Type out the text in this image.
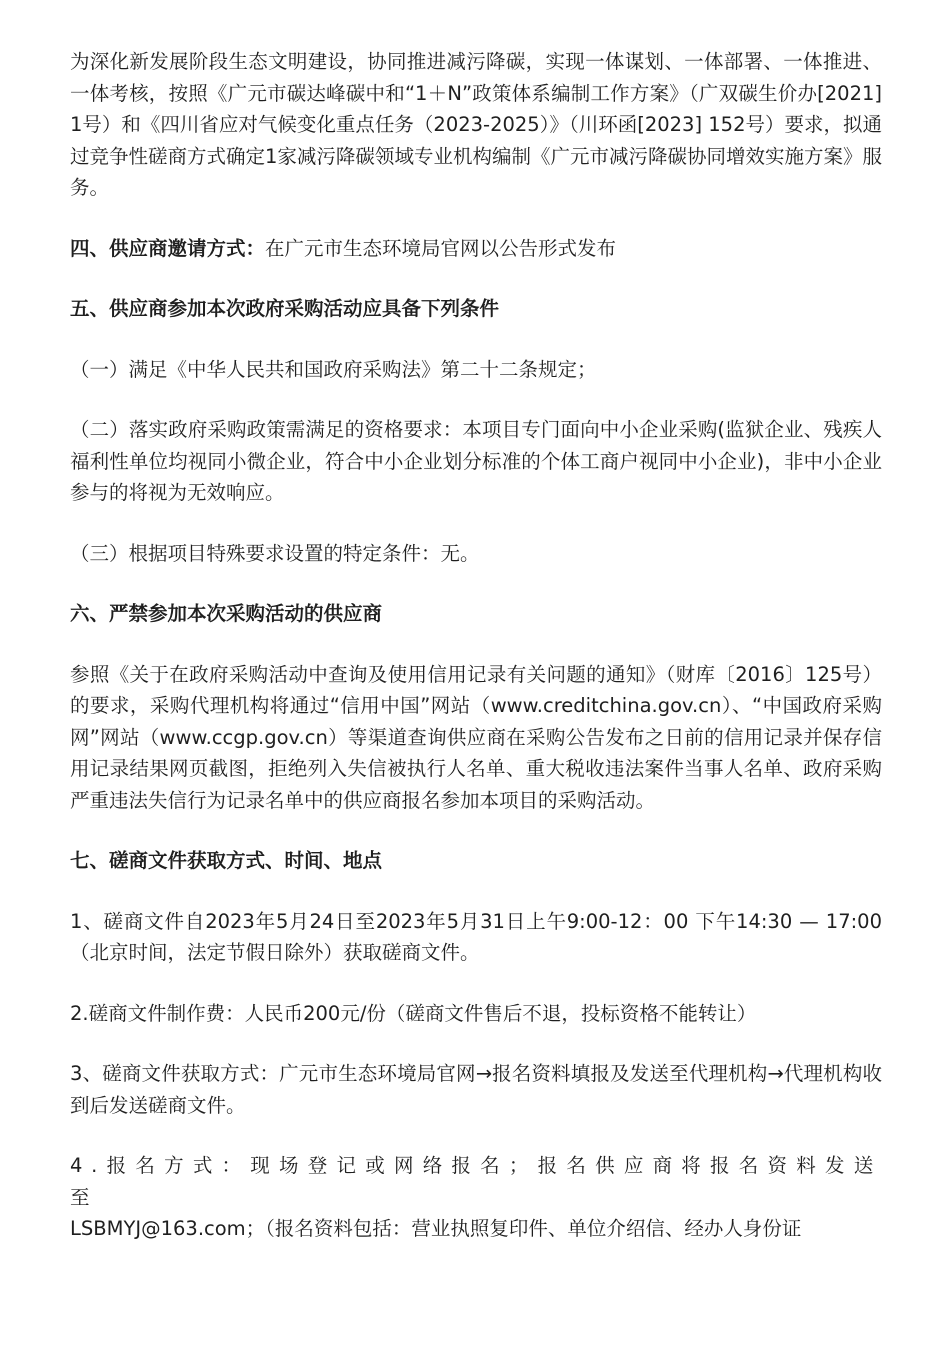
为深化新发展阶段生态文明建设，协同推进减污降碳，实现一体谋划、一体部署、一体推进、一体考核，按照《广元市碳达峰碳中和“1＋N”政策体系编制工作方案》（广双碳生价办[2021] 1号）和《四川省应对气候变化重点任务（2023-2025）》（川环函[2023] 152号）要求，拟通过竞争性磋商方式确定1家减污降碳领域专业机构编制《广元市减污降碳协同增效实施方案》服务。

四、供应商邀请方式：在广元市生态环境局官网以公告形式发布

五、供应商参加本次政府采购活动应具备下列条件

（一）满足《中华人民共和国政府采购法》第二十二条规定；

（二）落实政府采购政策需满足的资格要求：本项目专门面向中小企业采购(监狱企业、残疾人福利性单位均视同小微企业，符合中小企业划分标准的个体工商户视同中小企业)，非中小企业参与的将视为无效响应。

（三）根据项目特殊要求设置的特定条件：无。

六、严禁参加本次采购活动的供应商

参照《关于在政府采购活动中查询及使用信用记录有关问题的通知》（财库〔2016〕125号）的要求，采购代理机构将通过“信用中国”网站（www.creditchina.gov.cn）、“中国政府采购网”网站（www.ccgp.gov.cn）等渠道查询供应商在采购公告发布之日前的信用记录并保存信用记录结果网页截图，拒绝列入失信被执行人名单、重大税收违法案件当事人名单、政府采购严重违法失信行为记录名单中的供应商报名参加本项目的采购活动。

七、磋商文件获取方式、时间、地点

1、磋商文件自2023年5月24日至2023年5月31日上午9:00-12：00 下午14:30 — 17:00（北京时间，法定节假日除外）获取磋商文件。

2.磋商文件制作费：人民币200元/份（磋商文件售后不退，投标资格不能转让）

3、磋商文件获取方式：广元市生态环境局官网→报名资料填报及发送至代理机构→代理机构收到后发送磋商文件。

4.报名方式：现场登记或网络报名；报名供应商将报名资料发送至

LSBMYJ@163.com；（报名资料包括：营业执照复印件、单位介绍信、经办人身份证
